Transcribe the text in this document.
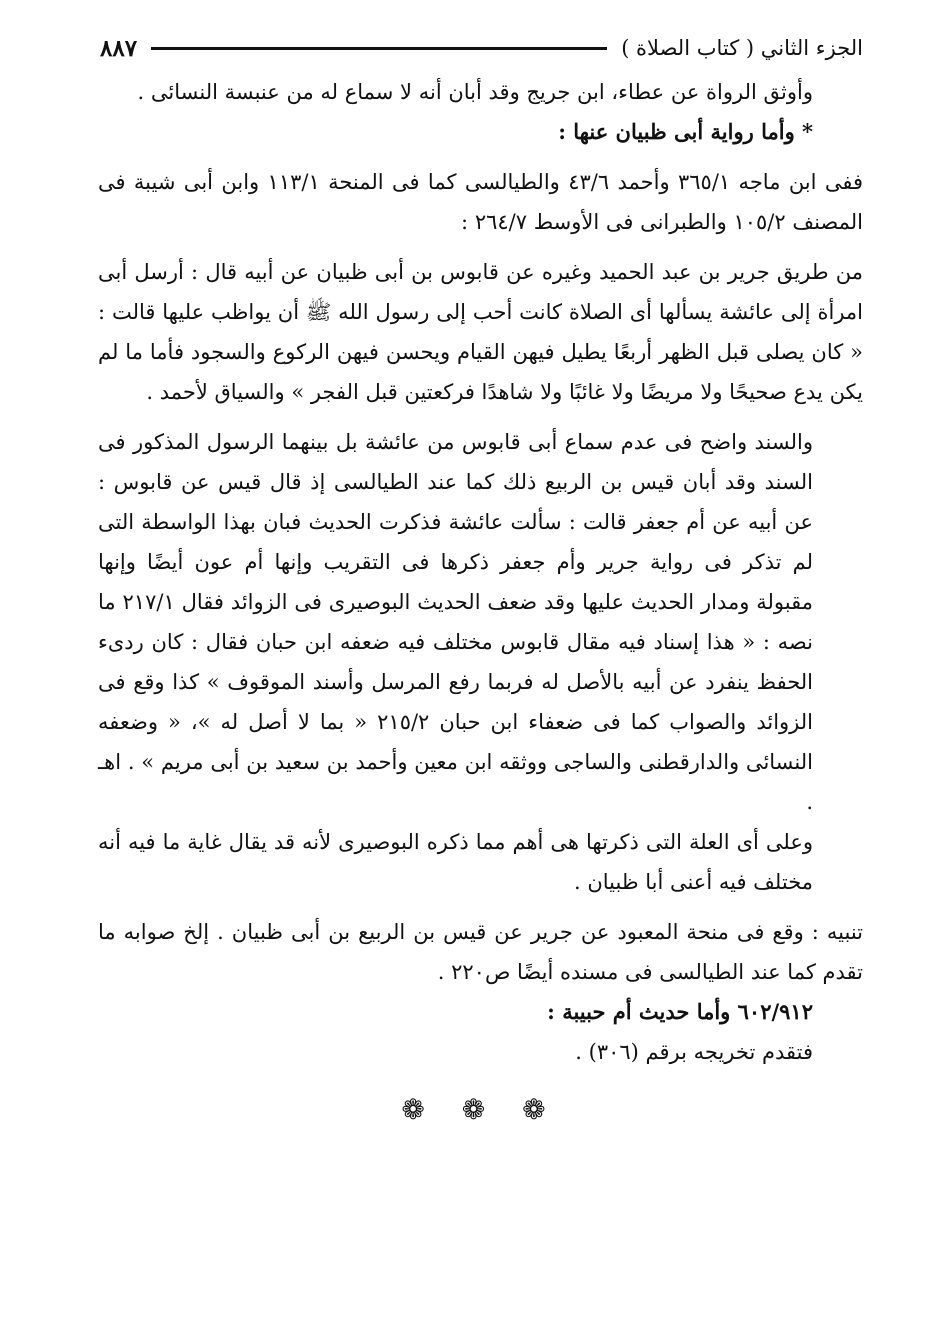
الجزء الثاني ( كتاب الصلاة )
٨٨٧

وأوثق الرواة عن عطاء، ابن جريج وقد أبان أنه لا سماع له من عنبسة النسائى .

* وأما رواية أبى ظبيان عنها :

ففى ابن ماجه ٣٦٥/١ وأحمد ٤٣/٦ والطيالسى كما فى المنحة ١١٣/١ وابن أبى شيبة فى المصنف ١٠٥/٢ والطبرانى فى الأوسط ٢٦٤/٧ :

من طريق جرير بن عبد الحميد وغيره عن قابوس بن أبى ظبيان عن أبيه قال : أرسل أبى امرأة إلى عائشة يسألها أى الصلاة كانت أحب إلى رسول الله ﷺ أن يواظب عليها قالت : « كان يصلى قبل الظهر أربعًا يطيل فيهن القيام ويحسن فيهن الركوع والسجود فأما ما لم يكن يدع صحيحًا ولا مريضًا ولا غائبًا ولا شاهدًا فركعتين قبل الفجر » والسياق لأحمد .

والسند واضح فى عدم سماع أبى قابوس من عائشة بل بينهما الرسول المذكور فى السند وقد أبان قيس بن الربيع ذلك كما عند الطيالسى إذ قال قيس عن قابوس : عن أبيه عن أم جعفر قالت : سألت عائشة فذكرت الحديث فبان بهذا الواسطة التى لم تذكر فى رواية جرير وأم جعفر ذكرها فى التقريب وإنها أم عون أيضًا وإنها مقبولة ومدار الحديث عليها وقد ضعف الحديث البوصيرى فى الزوائد فقال ٢١٧/١ ما نصه : « هذا إسناد فيه مقال قابوس مختلف فيه ضعفه ابن حبان فقال : كان ردىء الحفظ ينفرد عن أبيه بالأصل له فربما رفع المرسل وأسند الموقوف » كذا وقع فى الزوائد والصواب كما فى ضعفاء ابن حبان ٢١٥/٢ « بما لا أصل له »، « وضعفه النسائى والدارقطنى والساجى ووثقه ابن معين وأحمد بن سعيد بن أبى مريم » . اهـ .

وعلى أى العلة التى ذكرتها هى أهم مما ذكره البوصيرى لأنه قد يقال غاية ما فيه أنه مختلف فيه أعنى أبا ظبيان .

تنبيه : وقع فى منحة المعبود عن جرير عن قيس بن الربيع بن أبى ظبيان . إلخ صوابه ما تقدم كما عند الطيالسى فى مسنده أيضًا ص٢٢٠ .

٦٠٢/٩١٢ وأما حديث أم حبيبة :

فتقدم تخريجه برقم (٣٠٦) .

❁ ❁ ❁
